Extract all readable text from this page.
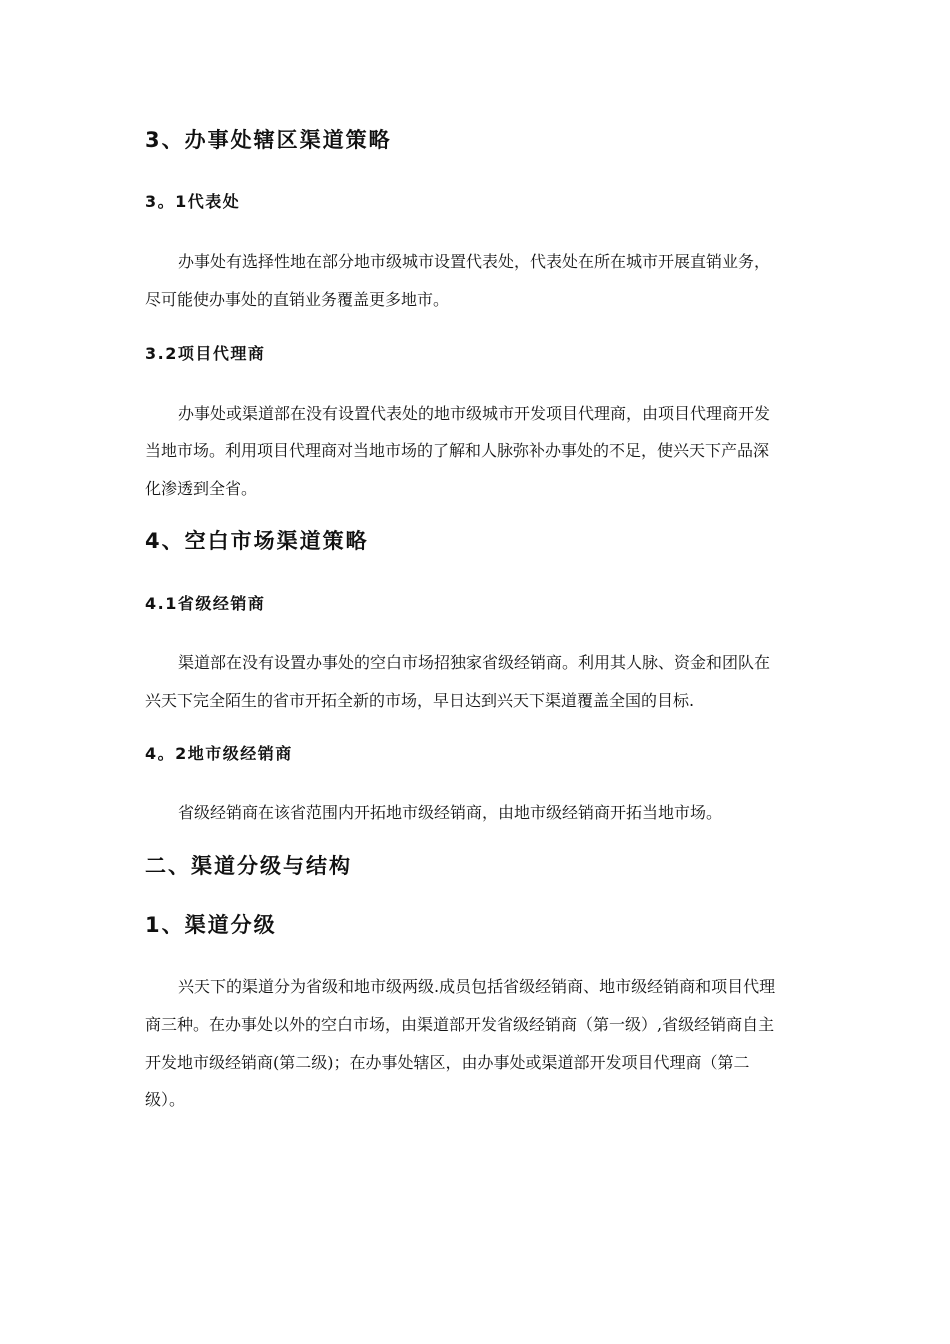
3、办事处辖区渠道策略
3。1代表处

办事处有选择性地在部分地市级城市设置代表处，代表处在所在城市开展直销业务，

尽可能使办事处的直销业务覆盖更多地市。

3.2项目代理商

办事处或渠道部在没有设置代表处的地市级城市开发项目代理商，由项目代理商开发

当地市场。利用项目代理商对当地市场的了解和人脉弥补办事处的不足，使兴天下产品深

化渗透到全省。

4、空白市场渠道策略
4.1省级经销商

渠道部在没有设置办事处的空白市场招独家省级经销商。利用其人脉、资金和团队在

兴天下完全陌生的省市开拓全新的市场，早日达到兴天下渠道覆盖全国的目标.

4。2地市级经销商

省级经销商在该省范围内开拓地市级经销商，由地市级经销商开拓当地市场。

二、渠道分级与结构
1、渠道分级

兴天下的渠道分为省级和地市级两级.成员包括省级经销商、地市级经销商和项目代理

商三种。在办事处以外的空白市场，由渠道部开发省级经销商（第一级）,省级经销商自主

开发地市级经销商(第二级)；在办事处辖区，由办事处或渠道部开发项目代理商（第二

级）。
